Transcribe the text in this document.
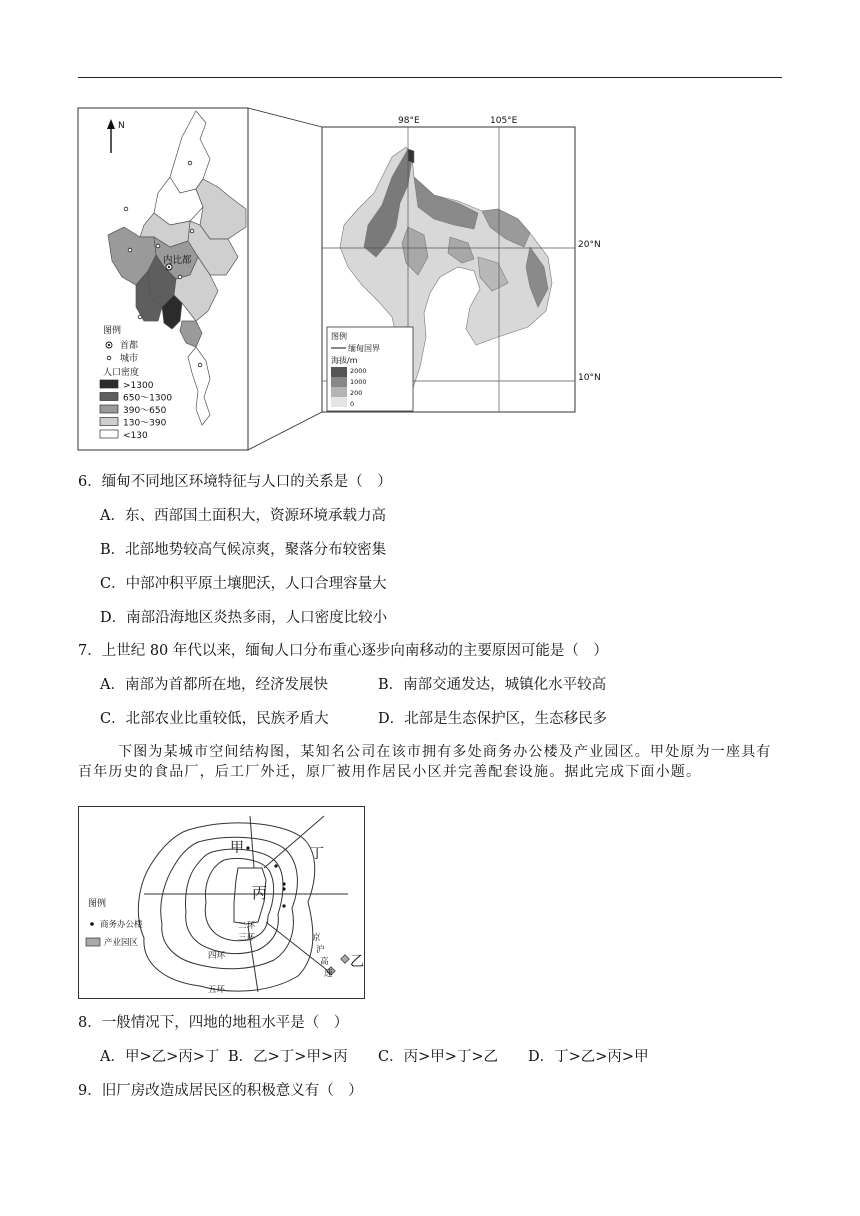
N
内比都
图例
首都
城市
人口密度
>1300
650～1300
390～650
130～390
<130
98°E	105°E
20°N
10°N
图例
缅甸国界
海拔/m
2000
1000
200
0
6．缅甸不同地区环境特征与人口的关系是（　）
A．东、西部国土面积大，资源环境承载力高
B．北部地势较高气候凉爽，聚落分布较密集
C．中部冲积平原土壤肥沃，人口合理容量大
D．南部沿海地区炎热多雨，人口密度比较小
7．上世纪 80 年代以来，缅甸人口分布重心逐步向南移动的主要原因可能是（　）
A．南部为首都所在地，经济发展快	B．南部交通发达，城镇化水平较高
C．北部农业比重较低，民族矛盾大	D．北部是生态保护区，生态移民多
下图为某城市空间结构图，某知名公司在该市拥有多处商务办公楼及产业园区。甲处原为一座具有百年历史的食品厂，后工厂外迁，原厂被用作居民小区并完善配套设施。据此完成下面小题。
甲
乙
丙
丁
二环
三环
四环
五环
京
沪
高
速
图例
商务办公楼
产业园区
8．一般情况下，四地的地租水平是（　）
A．甲>乙>丙>丁 B．乙>丁>甲>丙 C．丙>甲>丁>乙 D．丁>乙>丙>甲
9．旧厂房改造成居民区的积极意义有（　）
